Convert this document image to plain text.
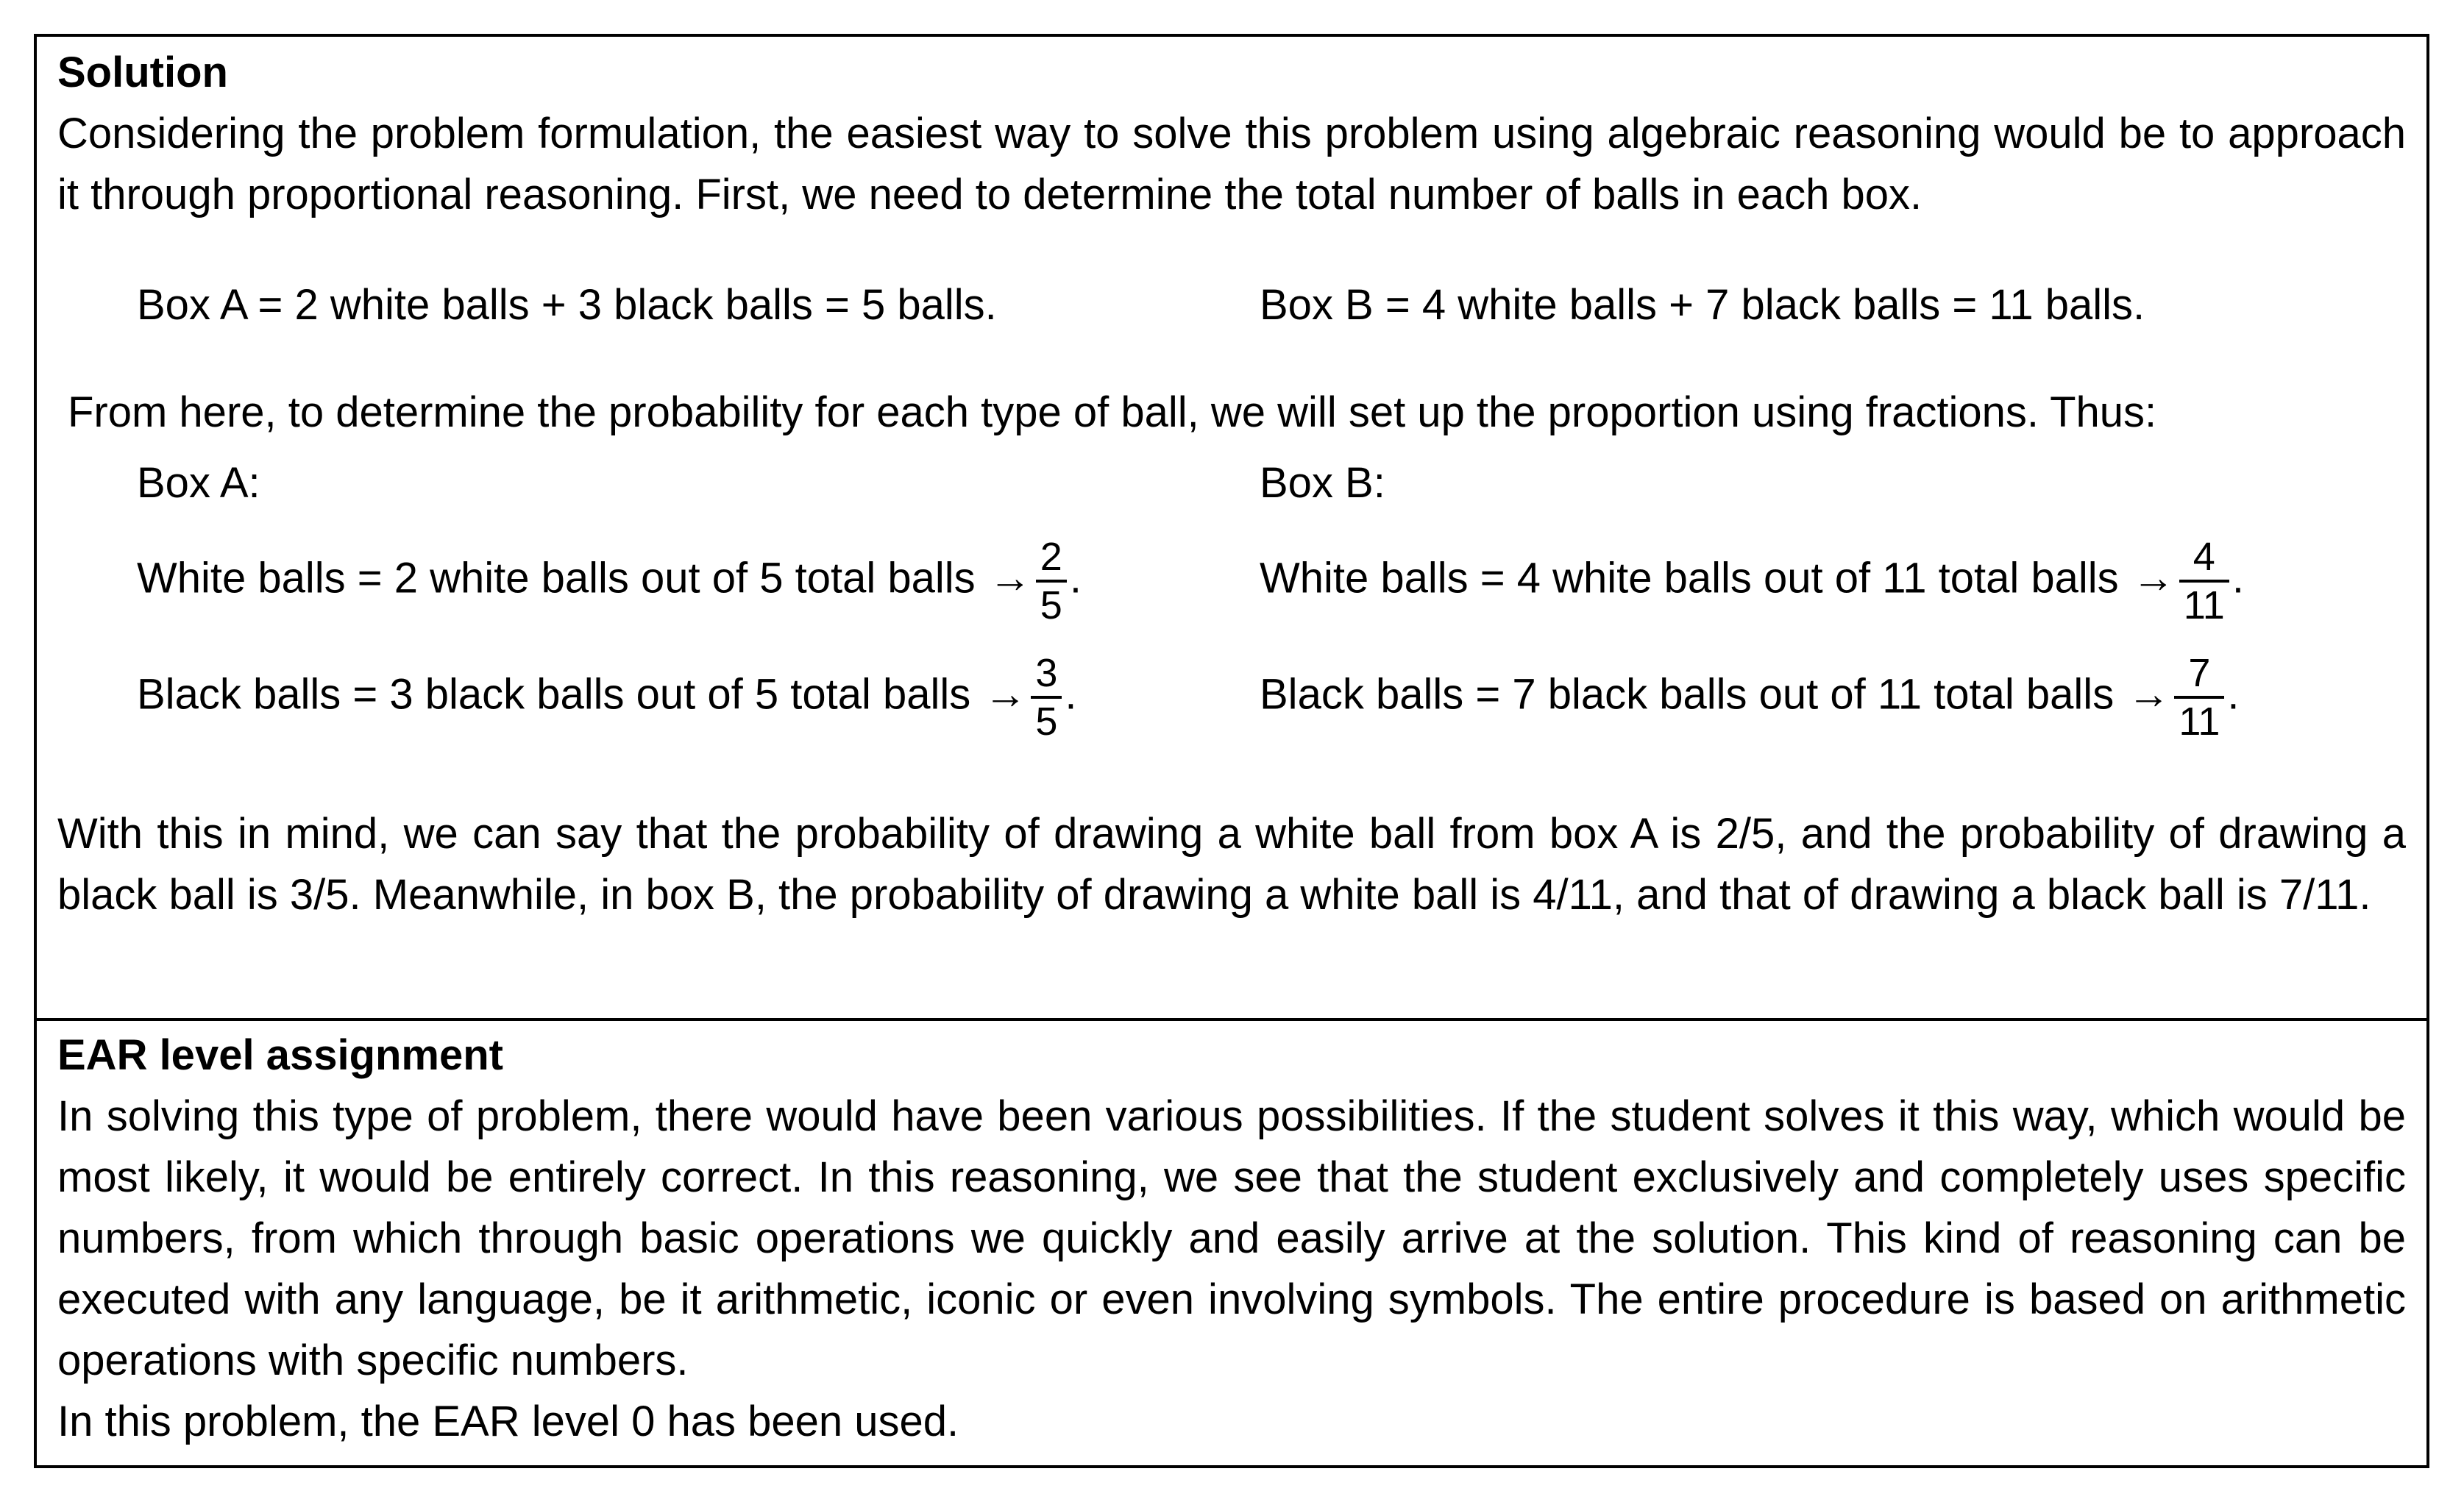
Solution

Considering the problem formulation, the easiest way to solve this problem using algebraic reasoning would be to approach it through proportional reasoning. First, we need to determine the total number of balls in each box.

Box A = 2 white balls + 3 black balls = 5 balls.	Box B = 4 white balls + 7 black balls = 11 balls.
From here, to determine the probability for each type of ball, we will set up the proportion using fractions. Thus:
Box A:	Box B:
White balls = 2 white balls out of 5 total balls → $\frac{2}{5}$ .	White balls = 4 white balls out of 11 total balls → $\frac{4}{11}$ .
Black balls = 3 black balls out of 5 total balls → $\frac{3}{5}$ .	Black balls = 7 black balls out of 11 total balls → $\frac{7}{11}$ .

With this in mind, we can say that the probability of drawing a white ball from box A is 2/5, and the probability of drawing a black ball is 3/5. Meanwhile, in box B, the probability of drawing a white ball is 4/11, and that of drawing a black ball is 7/11.

EAR level assignment

In solving this type of problem, there would have been various possibilities. If the student solves it this way, which would be most likely, it would be entirely correct. In this reasoning, we see that the student exclusively and completely uses specific numbers, from which through basic operations we quickly and easily arrive at the solution. This kind of reasoning can be executed with any language, be it arithmetic, iconic or even involving symbols. The entire procedure is based on arithmetic operations with specific numbers.

In this problem, the EAR level 0 has been used.
